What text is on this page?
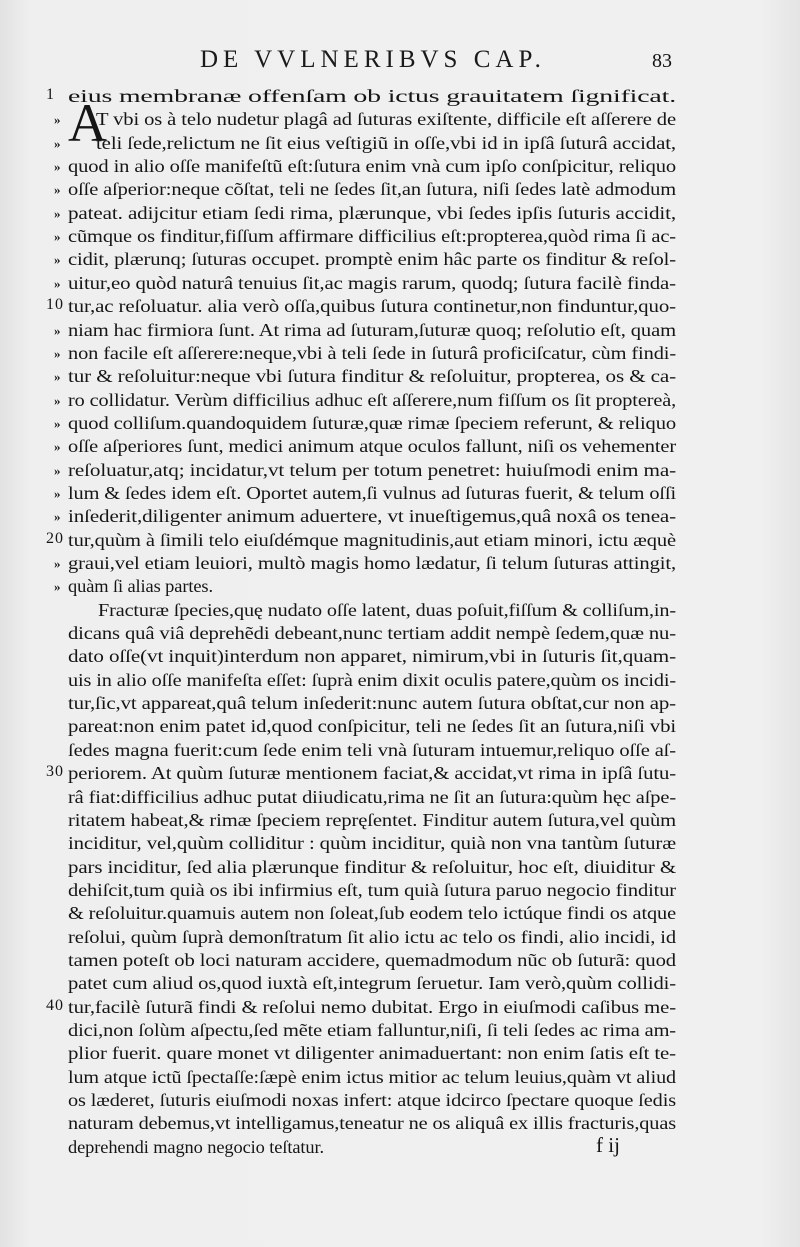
DE VVLNERIBVS CAP.	83
A
1 eius membranæ offenſam ob ictus grauitatem ſignificat.
» T vbi os à telo nudetur plagâ ad ſuturas exiſtente, difficile eſt aſſerere de
» teli ſede,relictum ne ſit eius veſtigiũ in oſſe,vbi id in ipſâ ſuturâ accidat,
» quod in alio oſſe manifeſtũ eſt:ſutura enim vnà cum ipſo conſpicitur, reliquo
» oſſe aſperior:neque cõſtat, teli ne ſedes ſit,an ſutura, niſi ſedes latè admodum
» pateat. adijcitur etiam ſedi rima, plærunque, vbi ſedes ipſis ſuturis accidit,
» cũmque os finditur,fiſſum affirmare difficilius eſt:propterea,quòd rima ſi ac-
» cidit, plærunq; ſuturas occupet. promptè enim hâc parte os finditur & reſol-
» uitur,eo quòd naturâ tenuius ſit,ac magis rarum, quodq; ſutura facilè finda-
10 tur,ac reſoluatur. alia verò oſſa,quibus ſutura continetur,non finduntur,quo-
» niam hac firmiora ſunt. At rima ad ſuturam,ſuturæ quoq; reſolutio eſt, quam
» non facile eſt aſſerere:neque,vbi à teli ſede in ſuturâ proficiſcatur, cùm findi-
» tur & reſoluitur:neque vbi ſutura finditur & reſoluitur, propterea, os & ca-
» ro collidatur. Verùm difficilius adhuc eſt aſſerere,num fiſſum os ſit proptereà,
» quod colliſum.quandoquidem ſuturæ,quæ rimæ ſpeciem referunt, & reliquo
» oſſe aſperiores ſunt, medici animum atque oculos fallunt, niſi os vehementer
» reſoluatur,atq; incidatur,vt telum per totum penetret: huiuſmodi enim ma-
» lum & ſedes idem eſt. Oportet autem,ſi vulnus ad ſuturas fuerit, & telum oſſi
» inſederit,diligenter animum aduertere, vt inueſtigemus,quâ noxâ os tenea-
20 tur,quùm à ſimili telo eiuſdémque magnitudinis,aut etiam minori, ictu æquè
» graui,vel etiam leuiori, multò magis homo lædatur, ſi telum ſuturas attingit,
» quàm ſi alias partes.
Fracturæ ſpecies,quę nudato oſſe latent, duas poſuit,fiſſum & colliſum,in-
dicans quâ viâ deprehẽdi debeant,nunc tertiam addit nempè ſedem,quæ nu-
dato oſſe(vt inquit)interdum non apparet, nimirum,vbi in ſuturis ſit,quam-
uis in alio oſſe manifeſta eſſet: ſuprà enim dixit oculis patere,quùm os incidi-
tur,ſic,vt appareat,quâ telum inſederit:nunc autem ſutura obſtat,cur non ap-
pareat:non enim patet id,quod conſpicitur, teli ne ſedes ſit an ſutura,niſi vbi
ſedes magna fuerit:cum ſede enim teli vnà ſuturam intuemur,reliquo oſſe aſ-
30 periorem. At quùm ſuturæ mentionem faciat,& accidat,vt rima in ipſâ ſutu-
râ fiat:difficilius adhuc putat diiudicatu,rima ne ſit an ſutura:quùm hęc aſpe-
ritatem habeat,& rimæ ſpeciem repręſentet. Finditur autem ſutura,vel quùm
inciditur, vel,quùm colliditur : quùm inciditur, quià non vna tantùm ſuturæ
pars inciditur, ſed alia plærunque finditur & reſoluitur, hoc eſt, diuiditur &
dehiſcit,tum quià os ibi infirmius eſt, tum quià ſutura paruo negocio finditur
& reſoluitur.quamuis autem non ſoleat,ſub eodem telo ictúque findi os atque
reſolui, quùm ſuprà demonſtratum ſit alio ictu ac telo os findi, alio incidi, id
tamen poteſt ob loci naturam accidere, quemadmodum nũc ob ſuturã: quod
patet cum aliud os,quod iuxtà eſt,integrum ſeruetur. Iam verò,quùm collidi-
40 tur,facilè ſuturã findi & reſolui nemo dubitat. Ergo in eiuſmodi caſibus me-
dici,non ſolùm aſpectu,ſed mẽte etiam falluntur,niſi, ſi teli ſedes ac rima am-
plior fuerit. quare monet vt diligenter animaduertant: non enim ſatis eſt te-
lum atque ictũ ſpectaſſe:ſæpè enim ictus mitior ac telum leuius,quàm vt aliud
os læderet, ſuturis eiuſmodi noxas infert: atque idcirco ſpectare quoque ſedis
naturam debemus,vt intelligamus,teneatur ne os aliquâ ex illis fracturis,quas
deprehendi magno negocio teſtatur.	f ij
